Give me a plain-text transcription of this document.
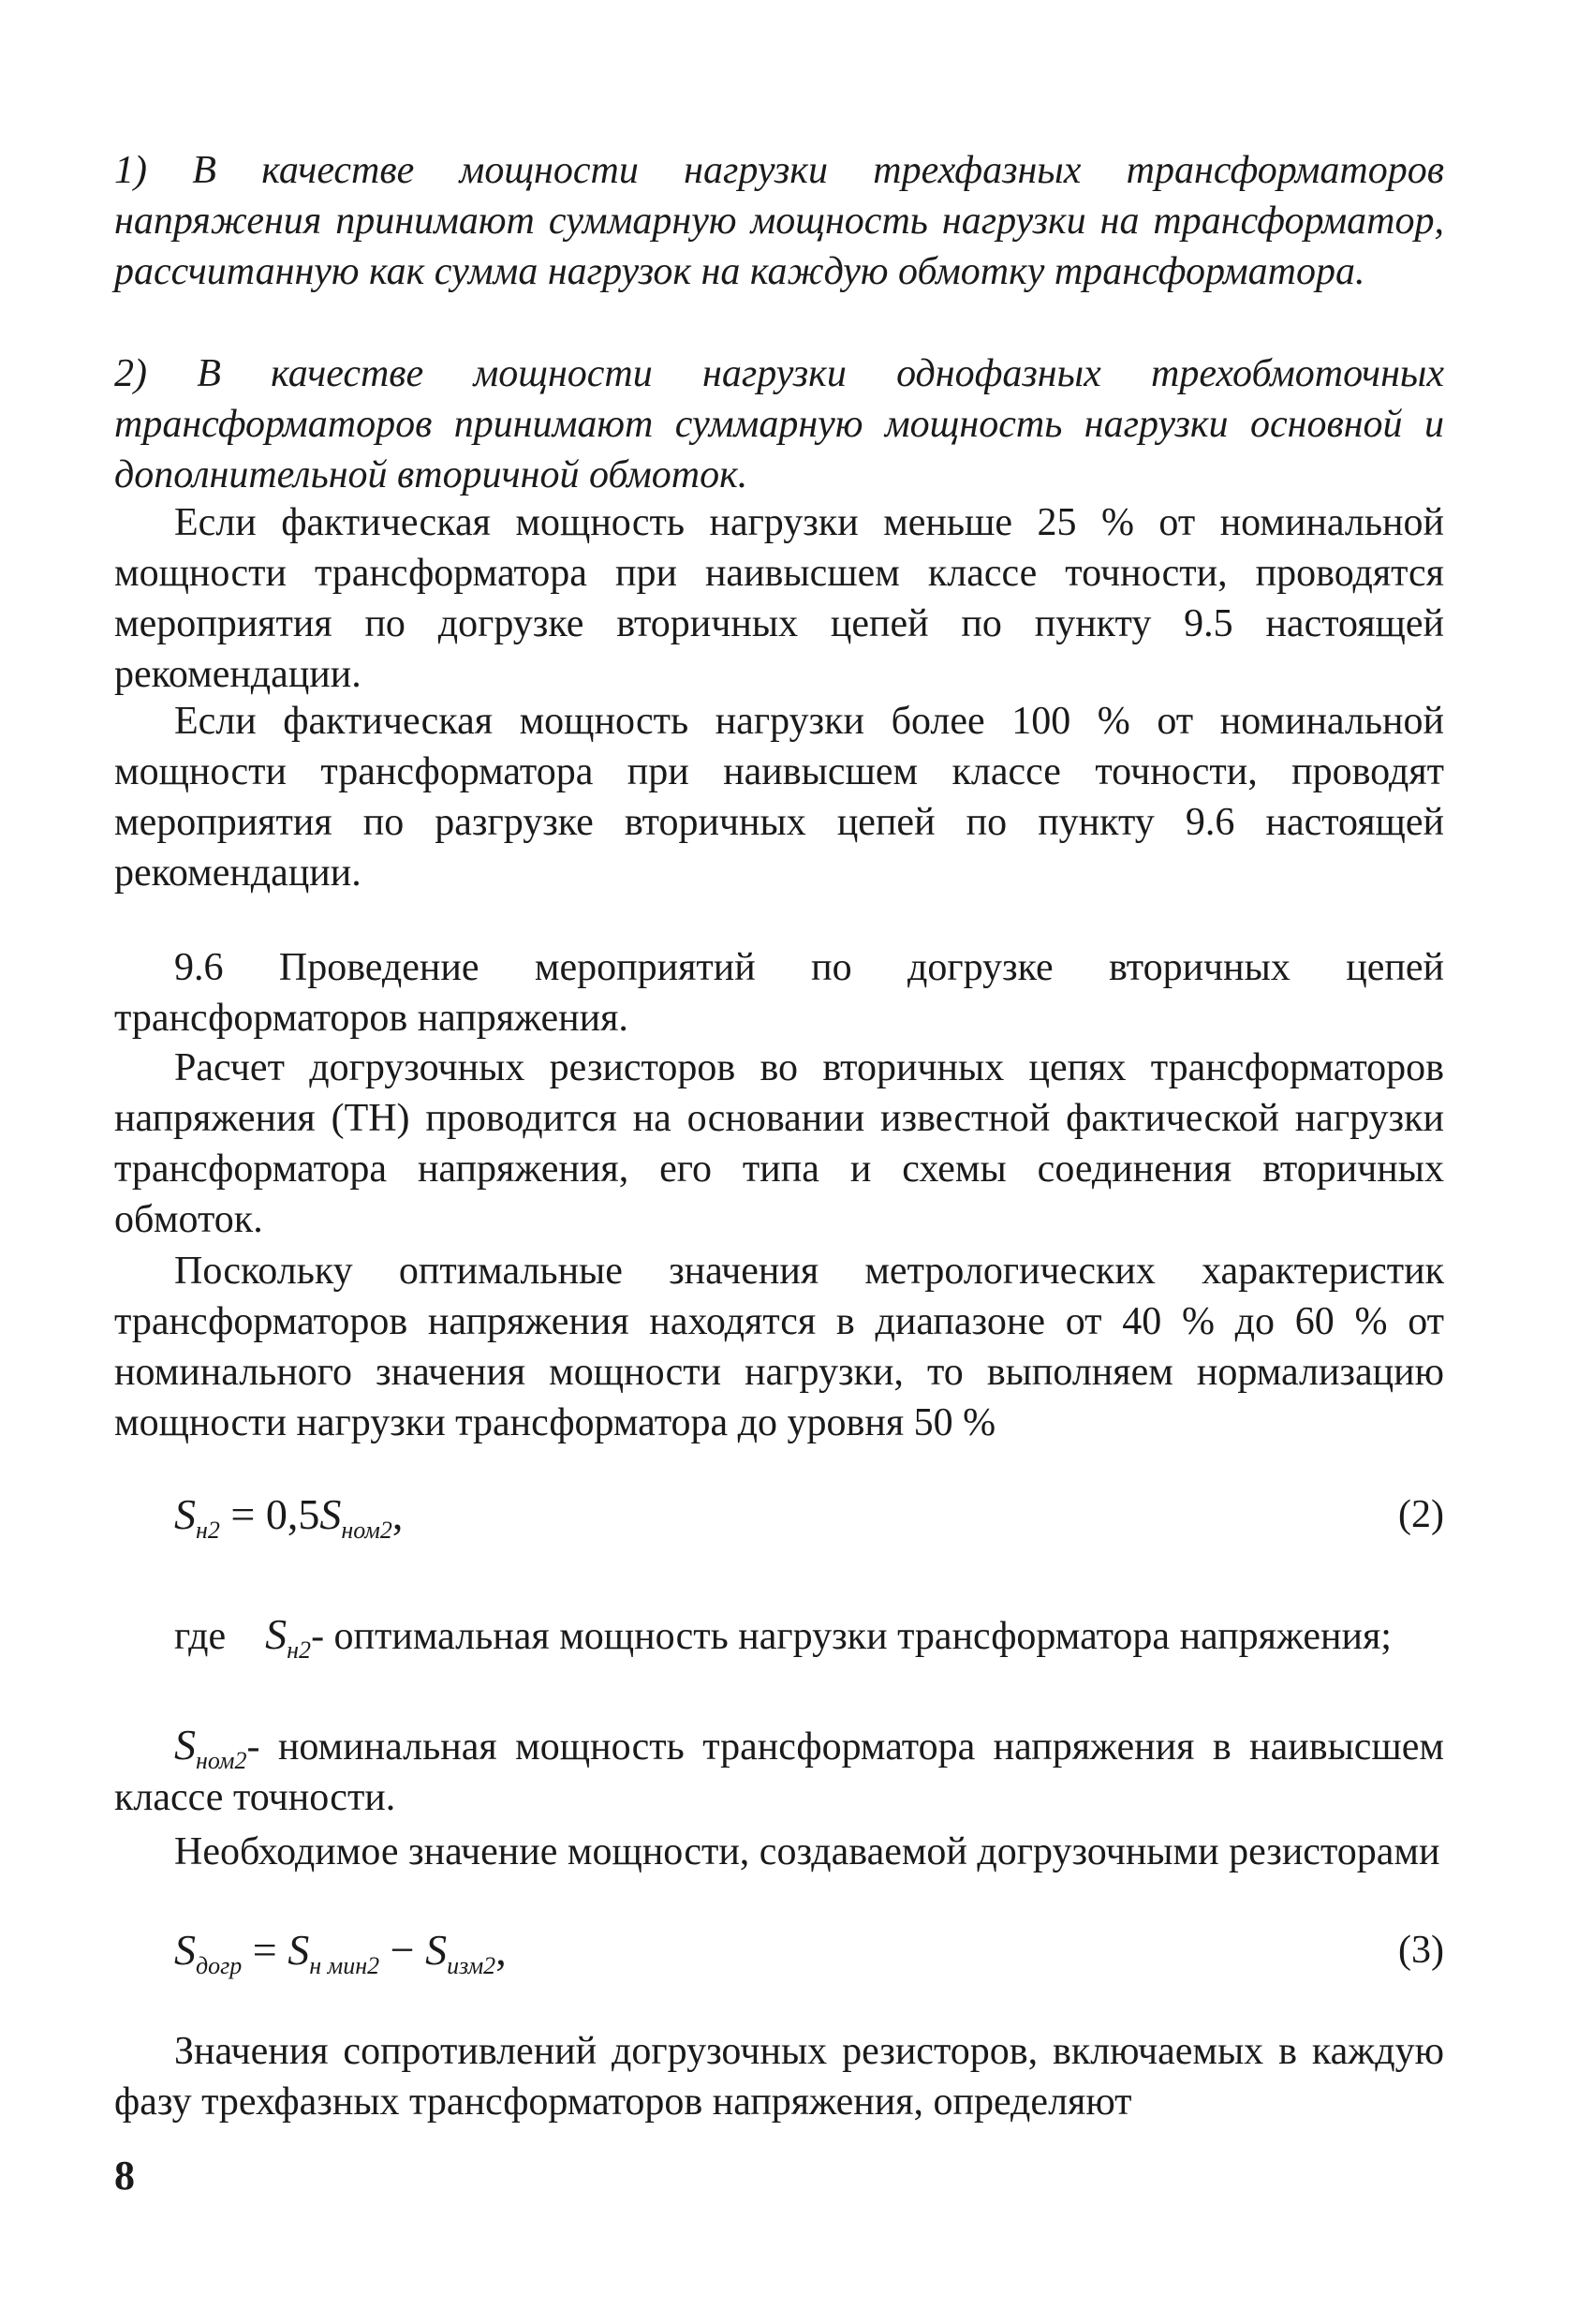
1) В качестве мощности нагрузки трехфазных трансформаторов напряжения принимают суммарную мощность нагрузки на трансформатор, рассчитанную как сумма нагрузок на каждую обмотку трансформатора.

2) В качестве мощности нагрузки однофазных трехобмоточных трансформаторов принимают суммарную мощность нагрузки основной и дополнительной вторичной обмоток.

Если фактическая мощность нагрузки меньше 25 % от номинальной мощности трансформатора при наивысшем классе точности, проводятся мероприятия по догрузке вторичных цепей по пункту 9.5 настоящей рекомендации.

Если фактическая мощность нагрузки более 100 % от номинальной мощности трансформатора при наивысшем классе точности, проводят мероприятия по разгрузке вторичных цепей по пункту 9.6 настоящей рекомендации.

9.6 Проведение мероприятий по догрузке вторичных цепей трансформаторов напряжения.

Расчет догрузочных резисторов во вторичных цепях трансформаторов напряжения (ТН) проводится на основании известной фактической нагрузки трансформатора напряжения, его типа и схемы соединения вторичных обмоток.

Поскольку оптимальные значения метрологических характеристик трансформаторов напряжения находятся в диапазоне от 40 % до 60 % от номинального значения мощности нагрузки, то выполняем нормализацию мощности нагрузки трансформатора до уровня 50 %

$S_{н2} = 0,5S_{ном2}$,	(2)

где $S_{н2}-$ оптимальная мощность нагрузки трансформатора напряжения;

$S_{ном2}-$ номинальная мощность трансформатора напряжения в наивысшем классе точности.

Необходимое значение мощности, создаваемой догрузочными резисторами

$S_{догр} = S_{н мин2} - S_{изм2}$,	(3)

Значения сопротивлений догрузочных резисторов, включаемых в каждую фазу трехфазных трансформаторов напряжения, определяют

8
